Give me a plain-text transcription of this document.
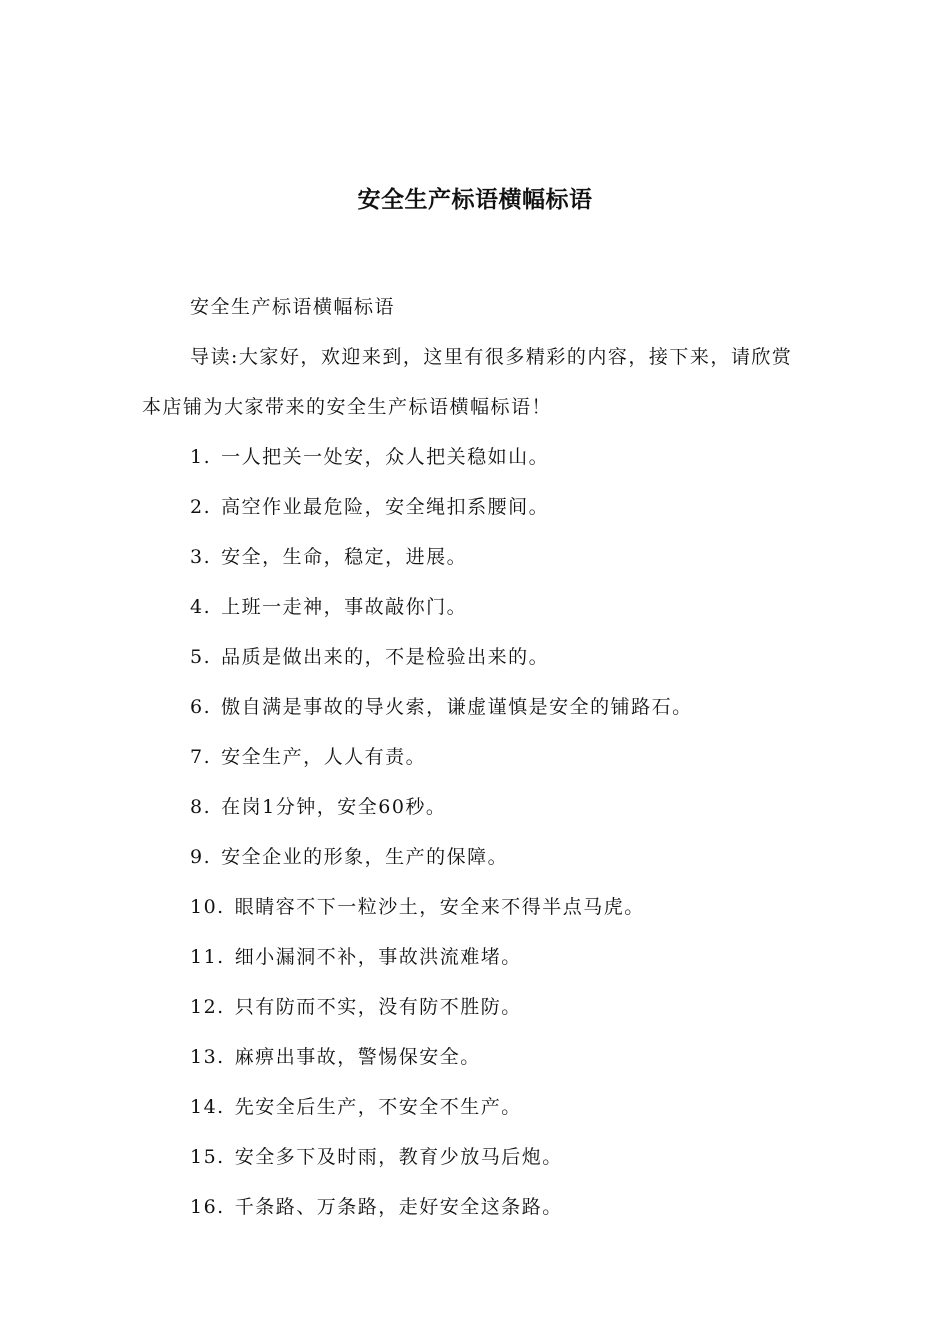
安全生产标语横幅标语

安全生产标语横幅标语

导读:大家好，欢迎来到，这里有很多精彩的内容，接下来，请欣赏本店铺为大家带来的安全生产标语横幅标语！

1. 一人把关一处安，众人把关稳如山。
2. 高空作业最危险，安全绳扣系腰间。
3. 安全，生命，稳定，进展。
4. 上班一走神，事故敲你门。
5. 品质是做出来的，不是检验出来的。
6. 傲自满是事故的导火索，谦虚谨慎是安全的铺路石。
7. 安全生产，人人有责。
8. 在岗1分钟，安全60秒。
9. 安全企业的形象，生产的保障。
10. 眼睛容不下一粒沙土，安全来不得半点马虎。
11. 细小漏洞不补，事故洪流难堵。
12. 只有防而不实，没有防不胜防。
13. 麻痹出事故，警惕保安全。
14. 先安全后生产，不安全不生产。
15. 安全多下及时雨，教育少放马后炮。
16. 千条路、万条路，走好安全这条路。
